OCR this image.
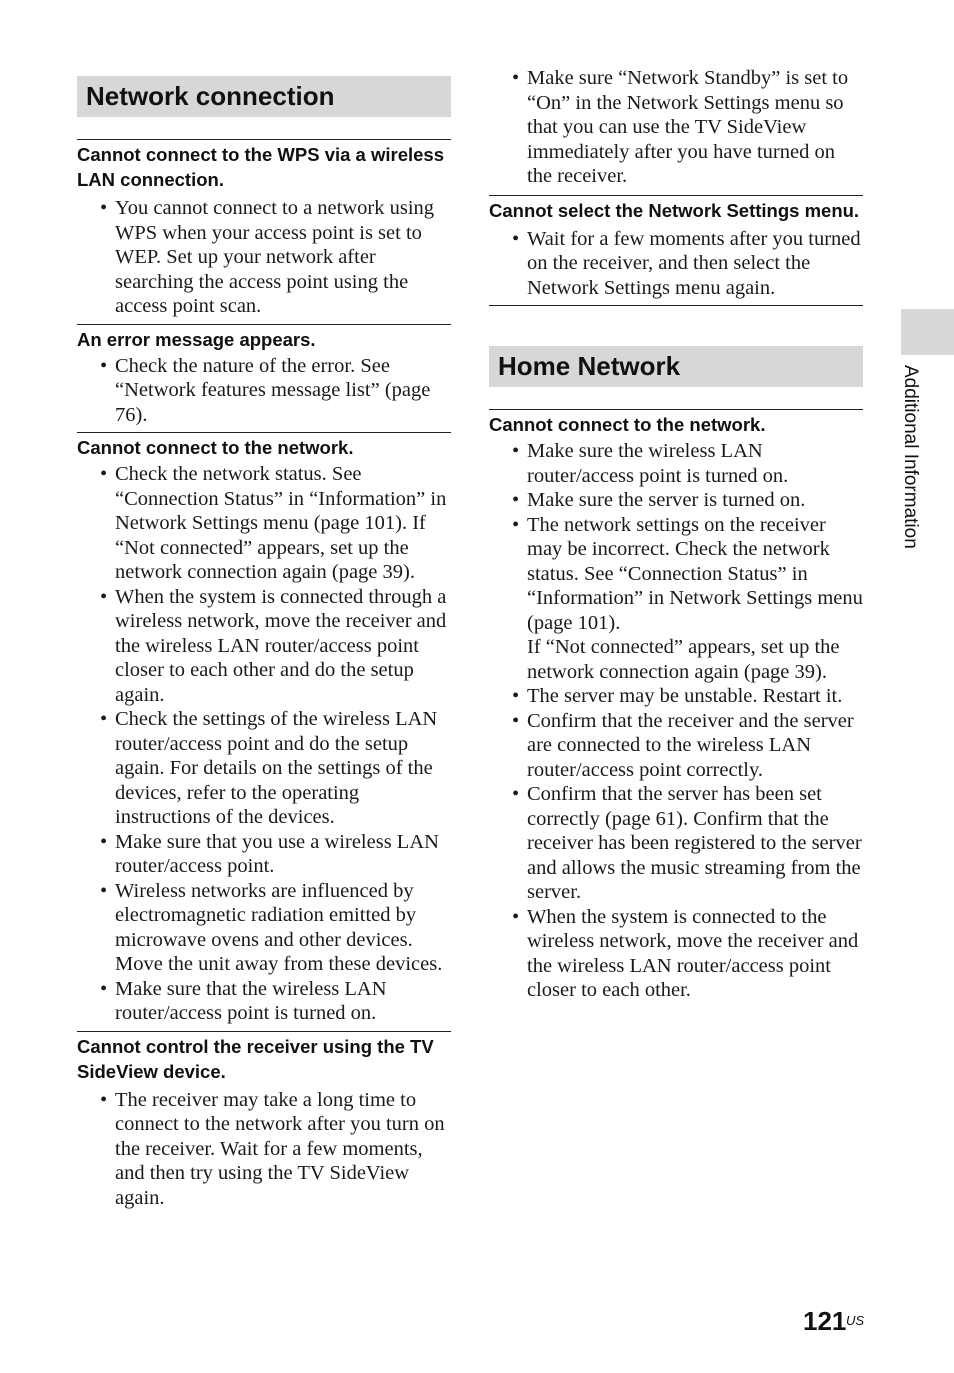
Network connection

Cannot connect to the WPS via a wireless LAN connection.

• You cannot connect to a network using WPS when your access point is set to WEP. Set up your network after searching the access point using the access point scan.

An error message appears.

• Check the nature of the error. See “Network features message list” (page 76).

Cannot connect to the network.

• Check the network status. See “Connection Status” in “Information” in Network Settings menu (page 101). If “Not connected” appears, set up the network connection again (page 39).
• When the system is connected through a wireless network, move the receiver and the wireless LAN router/access point closer to each other and do the setup again.
• Check the settings of the wireless LAN router/access point and do the setup again. For details on the settings of the devices, refer to the operating instructions of the devices.
• Make sure that you use a wireless LAN router/access point.
• Wireless networks are influenced by electromagnetic radiation emitted by microwave ovens and other devices. Move the unit away from these devices.
• Make sure that the wireless LAN router/access point is turned on.

Cannot control the receiver using the TV SideView device.

• The receiver may take a long time to connect to the network after you turn on the receiver. Wait for a few moments, and then try using the TV SideView again.
• Make sure “Network Standby” is set to “On” in the Network Settings menu so that you can use the TV SideView immediately after you have turned on the receiver.

Cannot select the Network Settings menu.

• Wait for a few moments after you turned on the receiver, and then select the Network Settings menu again.
Home Network

Cannot connect to the network.

• Make sure the wireless LAN router/access point is turned on.
• Make sure the server is turned on.
• The network settings on the receiver may be incorrect. Check the network status. See “Connection Status” in “Information” in Network Settings menu (page 101).
If “Not connected” appears, set up the network connection again (page 39).
• The server may be unstable. Restart it.
• Confirm that the receiver and the server are connected to the wireless LAN router/access point correctly.
• Confirm that the server has been set correctly (page 61). Confirm that the receiver has been registered to the server and allows the music streaming from the server.
• When the system is connected to the wireless network, move the receiver and the wireless LAN router/access point closer to each other.
Additional Information
121 US
